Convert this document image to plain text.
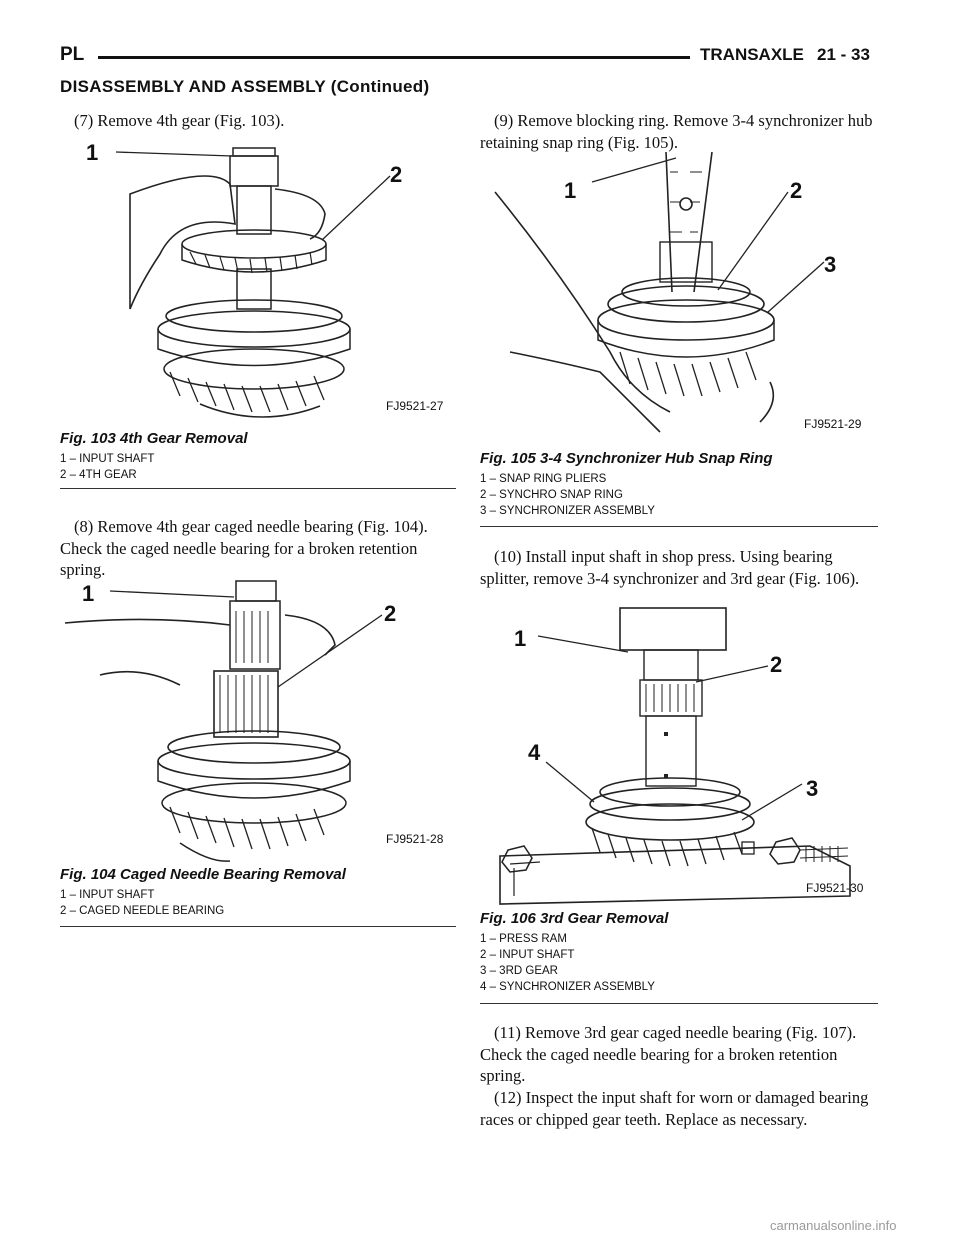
PL	TRANSAXLE 21 - 33
DISASSEMBLY AND ASSEMBLY (Continued)
(7) Remove 4th gear (Fig. 103).
1
2
FJ9521-27
Fig. 103 4th Gear Removal
1 – INPUT SHAFT
2 – 4TH GEAR
(8) Remove 4th gear caged needle bearing (Fig. 104). Check the caged needle bearing for a broken retention spring.
1
2
FJ9521-28
Fig. 104 Caged Needle Bearing Removal
1 – INPUT SHAFT
2 – CAGED NEEDLE BEARING
(9) Remove blocking ring. Remove 3-4 synchronizer hub retaining snap ring (Fig. 105).
1	2
3
FJ9521-29
Fig. 105 3-4 Synchronizer Hub Snap Ring
1 – SNAP RING PLIERS
2 – SYNCHRO SNAP RING
3 – SYNCHRONIZER ASSEMBLY
(10) Install input shaft in shop press. Using bearing splitter, remove 3-4 synchronizer and 3rd gear (Fig. 106).
1
2
3
4
FJ9521-30
Fig. 106 3rd Gear Removal
1 – PRESS RAM
2 – INPUT SHAFT
3 – 3RD GEAR
4 – SYNCHRONIZER ASSEMBLY
(11) Remove 3rd gear caged needle bearing (Fig. 107). Check the caged needle bearing for a broken retention spring.
(12) Inspect the input shaft for worn or damaged bearing races or chipped gear teeth. Replace as necessary.
carmanualsonline.info
